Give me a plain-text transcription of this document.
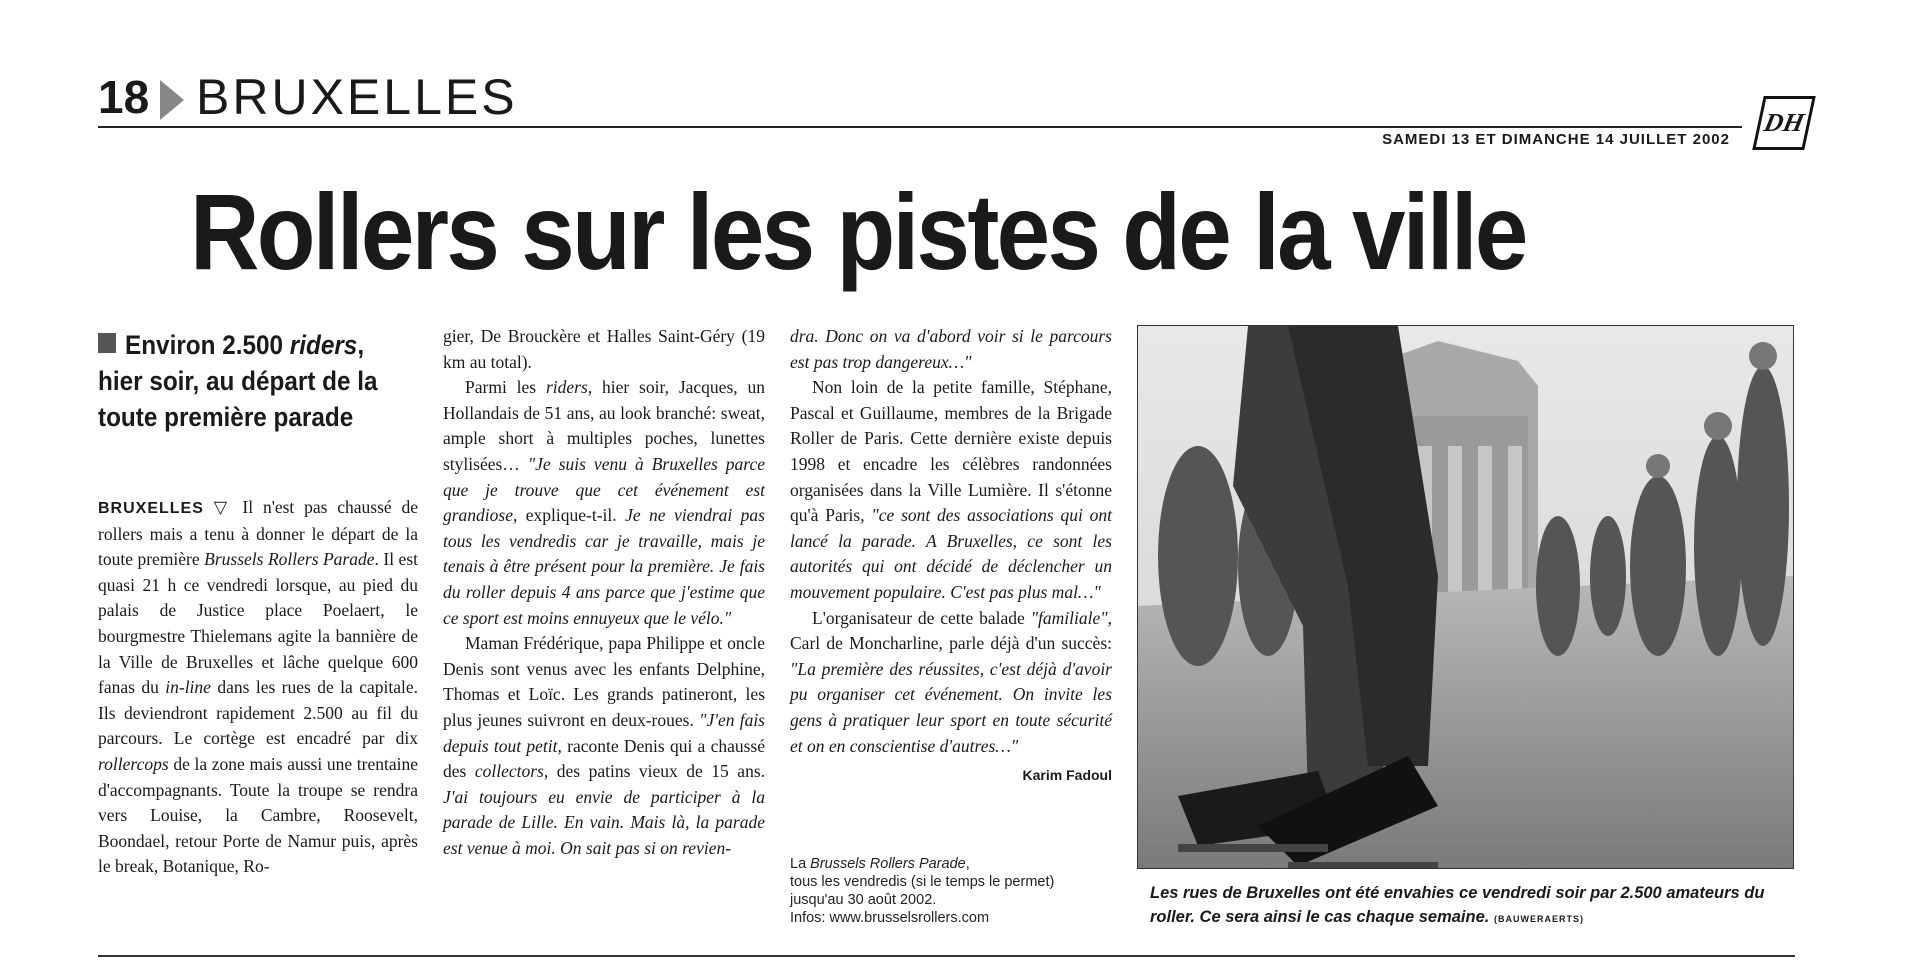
18 BRUXELLES
SAMEDI 13 ET DIMANCHE 14 JUILLET 2002
DH
Rollers sur les pistes de la ville
Environ 2.500 riders, hier soir, au départ de la toute première parade

BRUXELLES ▽ Il n'est pas chaussé de rollers mais a tenu à donner le départ de la toute première Brussels Rollers Parade. Il est quasi 21 h ce vendredi lorsque, au pied du palais de Justice place Poelaert, le bourgmestre Thielemans agite la bannière de la Ville de Bruxelles et lâche quelque 600 fanas du in-line dans les rues de la capitale. Ils deviendront rapidement 2.500 au fil du parcours. Le cortège est encadré par dix rollercops de la zone mais aussi une trentaine d'accompagnants. Toute la troupe se rendra vers Louise, la Cambre, Roosevelt, Boondael, retour Porte de Namur puis, après le break, Botanique, Ro-

gier, De Brouckère et Halles Saint-Géry (19 km au total).

Parmi les riders, hier soir, Jacques, un Hollandais de 51 ans, au look branché: sweat, ample short à multiples poches, lunettes stylisées… "Je suis venu à Bruxelles parce que je trouve que cet événement est grandiose, explique-t-il. Je ne viendrai pas tous les vendredis car je travaille, mais je tenais à être présent pour la première. Je fais du roller depuis 4 ans parce que j'estime que ce sport est moins ennuyeux que le vélo."

Maman Frédérique, papa Philippe et oncle Denis sont venus avec les enfants Delphine, Thomas et Loïc. Les grands patineront, les plus jeunes suivront en deux-roues. "J'en fais depuis tout petit, raconte Denis qui a chaussé des collectors, des patins vieux de 15 ans. J'ai toujours eu envie de participer à la parade de Lille. En vain. Mais là, la parade est venue à moi. On sait pas si on revien-

dra. Donc on va d'abord voir si le parcours est pas trop dangereux…"

Non loin de la petite famille, Stéphane, Pascal et Guillaume, membres de la Brigade Roller de Paris. Cette dernière existe depuis 1998 et encadre les célèbres randonnées organisées dans la Ville Lumière. Il s'étonne qu'à Paris, "ce sont des associations qui ont lancé la parade. A Bruxelles, ce sont les autorités qui ont décidé de déclencher un mouvement populaire. C'est pas plus mal…"

L'organisateur de cette balade "familiale", Carl de Moncharline, parle déjà d'un succès: "La première des réussites, c'est déjà d'avoir pu organiser cet événement. On invite les gens à pratiquer leur sport en toute sécurité et on en conscientise d'autres…"

Karim Fadoul
La Brussels Rollers Parade,
tous les vendredis (si le temps le permet)
jusqu'au 30 août 2002.
Infos: www.brusselsrollers.com
Les rues de Bruxelles ont été envahies ce vendredi soir par 2.500 amateurs du roller. Ce sera ainsi le cas chaque semaine. (BAUWERAERTS)
